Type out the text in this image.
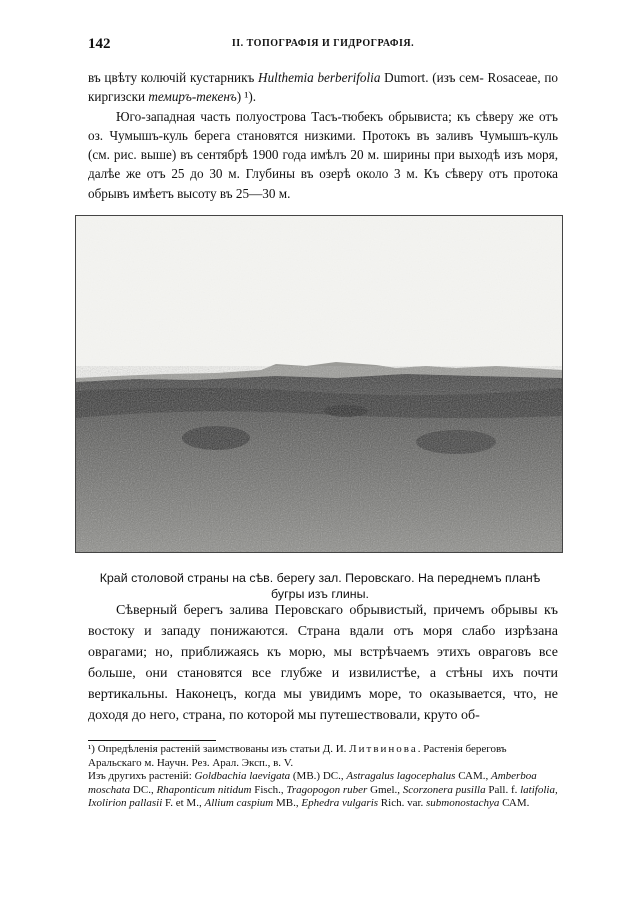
142	II. ТОПОГРАФІЯ И ГИДРОГРАФІЯ.

въ цвѣту колючій кустарникъ Hulthemia berberifolia Dumort. (изъ сем- Rosaceae, по киргизски темиръ-текенъ) ¹).

Юго-западная часть полуострова Тасъ-тюбекъ обрывиста; къ сѣверу же отъ оз. Чумышъ-куль берега становятся низкими. Протокъ въ заливъ Чумышъ-куль (см. рис. выше) въ сентябрѣ 1900 года имѣлъ 20 м. ширины при выходѣ изъ моря, далѣе же отъ 25 до 30 м. Глубины въ озерѣ около 3 м. Къ сѣверу отъ протока обрывъ имѣетъ высоту въ 25—30 м.

Край столовой страны на сѣв. берегу зал. Перовскаго. На переднемъ планѣ
бугры изъ глины.

Сѣверный берегъ залива Перовскаго обрывистый, причемъ обрывы къ востоку и западу понижаются. Страна вдали отъ моря слабо изрѣзана оврагами; но, приближаясь къ морю, мы встрѣчаемъ этихъ овраговъ все больше, они становятся все глубже и извилистѣе, а стѣны ихъ почти вертикальны. Наконецъ, когда мы увидимъ море, то оказывается, что, не доходя до него, страна, по которой мы путешествовали, круто об-

¹) Опредѣленія растеній заимствованы изъ статьи Д. И. Литвинова. Растенія береговъ Аральскаго м. Научн. Рез. Арал. Эксп., в. V.

Изъ другихъ растеній: Goldbachia laevigata (MB.) DC., Astragalus lagocephalus САМ., Amberboa moschata DC., Rhaponticum nitidum Fisch., Tragopogon ruber Gmel., Scorzonera pusilla Pall. f. latifolia, Ixolirion pallasii F. et M., Allium caspium MB., Ephedra vulgaris Rich. var. submonostachya САМ.
